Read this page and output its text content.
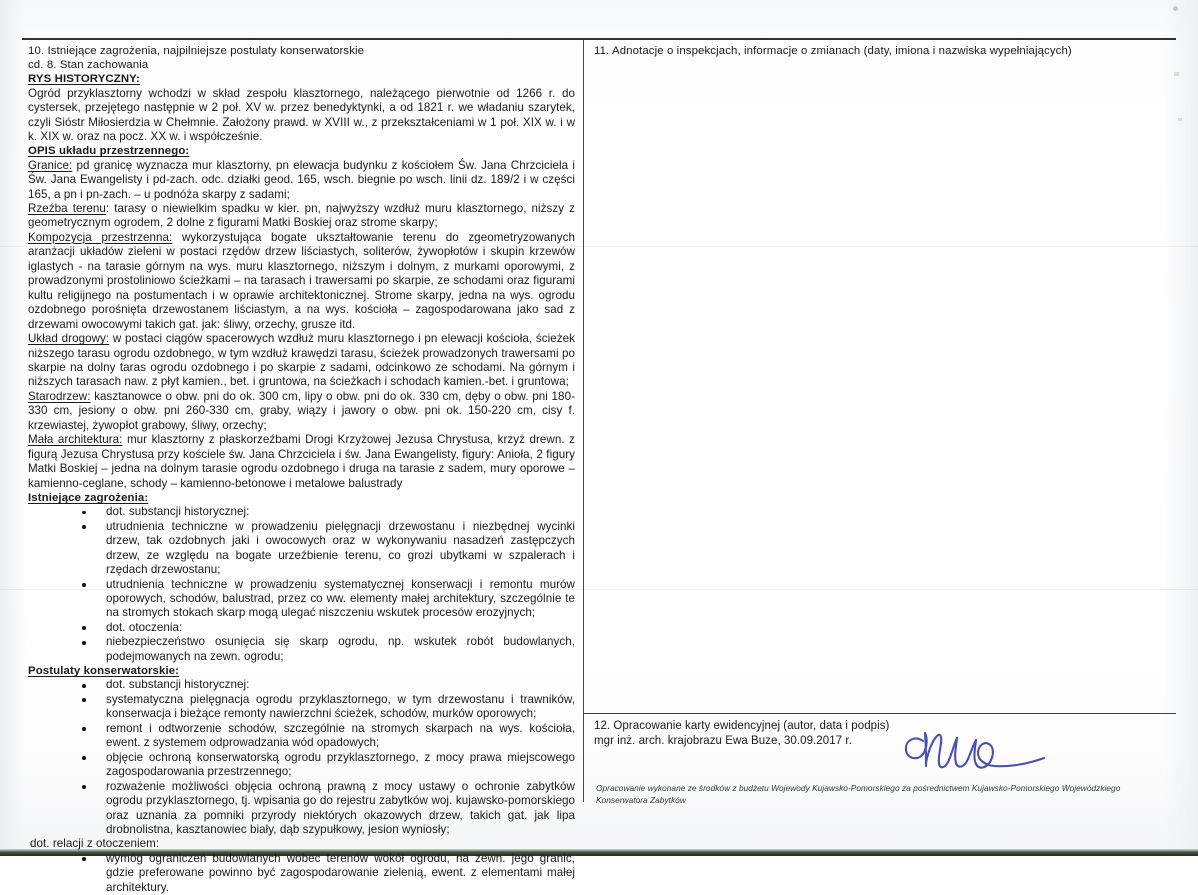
10. Istniejące zagrożenia, najpilniejsze postulaty konserwatorskie
cd. 8. Stan zachowania
RYS HISTORYCZNY:

Ogród przyklasztorny wchodzi w skład zespołu klasztornego, należącego pierwotnie od 1266 r. do cystersek, przejętego następnie w 2 poł. XV w. przez benedyktynki, a od 1821 r. we władaniu szarytek, czyli Sióstr Miłosierdzia w Chełmnie. Założony prawd. w XVIII w., z przekształceniami w 1 poł. XIX w. i w k. XIX w. oraz na pocz. XX w. i współcześnie.

OPIS układu przestrzennego:

Granice: pd granicę wyznacza mur klasztorny, pn elewacja budynku z kościołem Św. Jana Chrzciciela i Św. Jana Ewangelisty i pd-zach. odc. działki geod. 165, wsch. biegnie po wsch. linii dz. 189/2 i w części 165, a pn i pn-zach. – u podnóża skarpy z sadami;

Rzeźba terenu: tarasy o niewielkim spadku w kier. pn, najwyższy wzdłuż muru klasztornego, niższy z geometrycznym ogrodem, 2 dolne z figurami Matki Boskiej oraz strome skarpy;

Kompozycja przestrzenna: wykorzystująca bogate ukształtowanie terenu do zgeometryzowanych aranżacji układów zieleni w postaci rzędów drzew liściastych, soliterów, żywopłotów i skupin krzewów iglastych - na tarasie górnym na wys. muru klasztornego, niższym i dolnym, z murkami oporowymi, z prowadzonymi prostoliniowo ścieżkami – na tarasach i trawersami po skarpie, ze schodami oraz figurami kultu religijnego na postumentach i w oprawie architektonicznej. Strome skarpy, jedna na wys. ogrodu ozdobnego porośnięta drzewostanem liściastym, a na wys. kościoła – zagospodarowana jako sad z drzewami owocowymi takich gat. jak: śliwy, orzechy, grusze itd.

Układ drogowy: w postaci ciągów spacerowych wzdłuż muru klasztornego i pn elewacji kościoła, ścieżek niższego tarasu ogrodu ozdobnego, w tym wzdłuż krawędzi tarasu, ścieżek prowadzonych trawersami po skarpie na dolny taras ogrodu ozdobnego i po skarpie z sadami, odcinkowo ze schodami. Na górnym i niższych tarasach naw. z płyt kamien., bet. i gruntowa, na ścieżkach i schodach kamien.-bet. i gruntowa;

Starodrzew: kasztanowce o obw. pni do ok. 300 cm, lipy o obw. pni do ok. 330 cm, dęby o obw. pni 180-330 cm, jesiony o obw. pni 260-330 cm, graby, wiązy i jawory o obw. pni ok. 150-220 cm, cisy f. krzewiastej, żywopłot grabowy, śliwy, orzechy;

Mała architektura: mur klasztorny z płaskorzeźbami Drogi Krzyżowej Jezusa Chrystusa, krzyż drewn. z figurą Jezusa Chrystusa przy kościele św. Jana Chrzciciela i św. Jana Ewangelisty, figury: Anioła, 2 figury Matki Boskiej – jedna na dolnym tarasie ogrodu ozdobnego i druga na tarasie z sadem, mury oporowe – kamienno-ceglane, schody – kamienno-betonowe i metalowe balustrady

Istniejące zagrożenia:
dot. substancji historycznej:
utrudnienia techniczne w prowadzeniu pielęgnacji drzewostanu i niezbędnej wycinki drzew, tak ozdobnych jaki i owocowych oraz w wykonywaniu nasadzeń zastępczych drzew, ze względu na bogate urzeźbienie terenu, co grozi ubytkami w szpalerach i rzędach drzewostanu;
utrudnienia techniczne w prowadzeniu systematycznej konserwacji i remontu murów oporowych, schodów, balustrad, przez co ww. elementy małej architektury, szczególnie te na stromych stokach skarp mogą ulegać niszczeniu wskutek procesów erozyjnych;
dot. otoczenia:
niebezpieczeństwo osunięcia się skarp ogrodu, np. wskutek robót budowlanych, podejmowanych na zewn. ogrodu;
Postulaty konserwatorskie:
dot. substancji historycznej:
systematyczna pielęgnacja ogrodu przyklasztornego, w tym drzewostanu i trawników, konserwacja i bieżące remonty nawierzchni ścieżek, schodów, murków oporowych;
remont i odtworzenie schodów, szczególnie na stromych skarpach na wys. kościoła, ewent. z systemem odprowadzania wód opadowych;
objęcie ochroną konserwatorską ogrodu przyklasztornego, z mocy prawa miejscowego zagospodarowania przestrzennego;
rozważenie możliwości objęcia ochroną prawną z mocy ustawy o ochronie zabytków ogrodu przyklasztornego, tj. wpisania go do rejestru zabytków woj. kujawsko-pomorskiego oraz uznania za pomniki przyrody niektórych okazowych drzew, takich gat. jak lipa drobnolistna, kasztanowiec biały, dąb szypułkowy, jesion wyniosły;

dot. relacji z otoczeniem:

wymóg ograniczeń budowlanych wobec terenów wokół ogrodu, na zewn. jego granic, gdzie preferowane powinno być zagospodarowanie zielenią, ewent. z elementami małej architektury.
11. Adnotacje o inspekcjach, informacje o zmianach (daty, imiona i nazwiska wypełniających)
12. Opracowanie karty ewidencyjnej (autor, data i podpis)
mgr inż. arch. krajobrazu Ewa Buze, 30.09.2017 r.
Opracowanie wykonane ze środków z budżetu Wojewody Kujawsko-Pomorskiego za pośrednictwem Kujawsko-Pomorskiego Wojewódzkiego Konserwatora Zabytków
